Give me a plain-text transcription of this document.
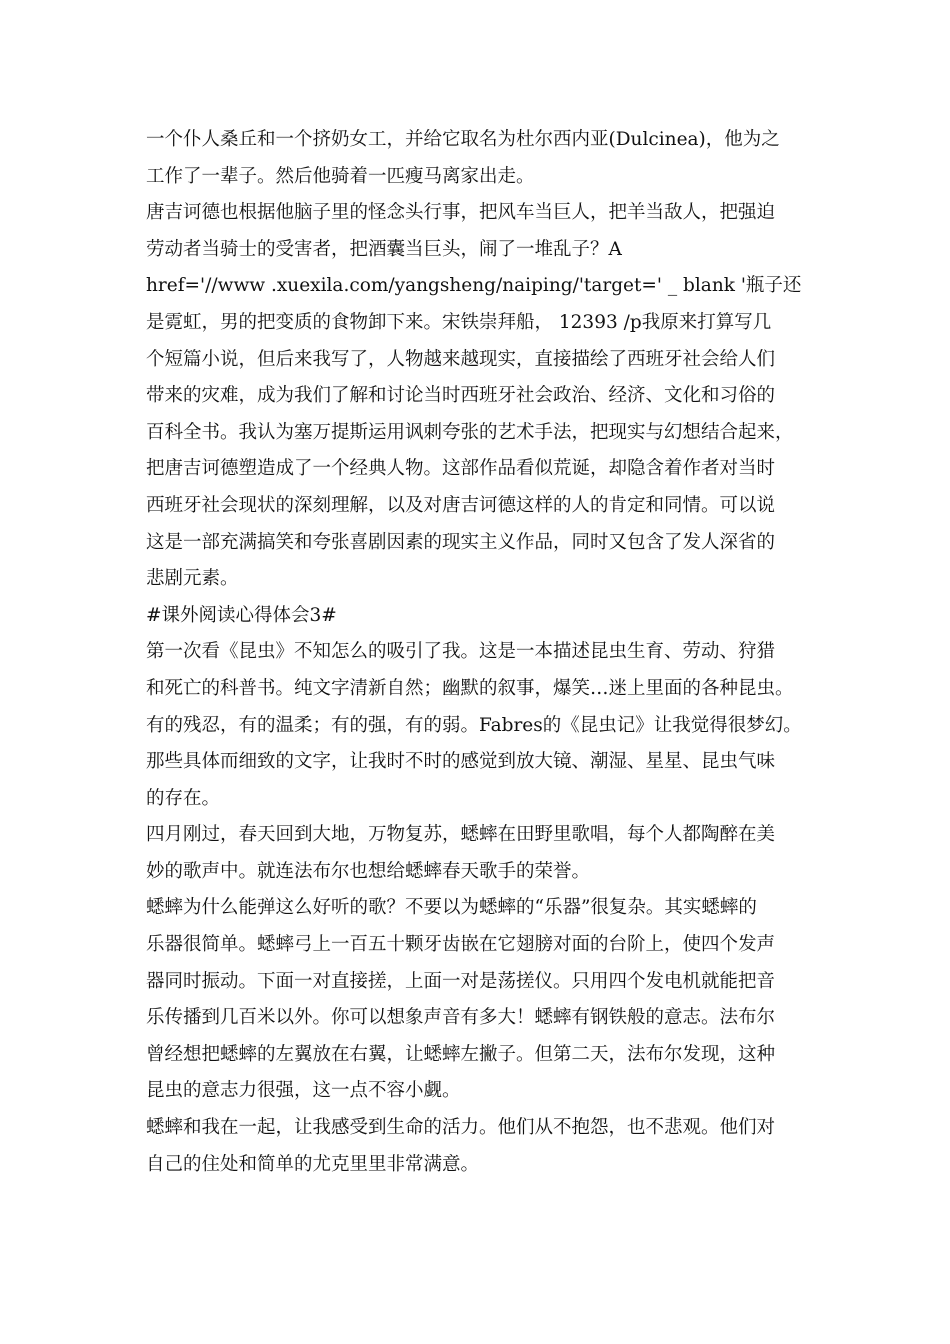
一个仆人桑丘和一个挤奶女工，并给它取名为杜尔西内亚(Dulcinea)，他为之
工作了一辈子。然后他骑着一匹瘦马离家出走。
唐吉诃德也根据他脑子里的怪念头行事，把风车当巨人，把羊当敌人，把强迫
劳动者当骑士的受害者，把酒囊当巨头，闹了一堆乱子？A
href='//www .xuexila.com/yangsheng/naiping/'target=' _ blank '瓶子还
是霓虹，男的把变质的食物卸下来。宋铁崇拜船， 12393 /p我原来打算写几
个短篇小说，但后来我写了，人物越来越现实，直接描绘了西班牙社会给人们
带来的灾难，成为我们了解和讨论当时西班牙社会政治、经济、文化和习俗的
百科全书。我认为塞万提斯运用讽刺夸张的艺术手法，把现实与幻想结合起来，
把唐吉诃德塑造成了一个经典人物。这部作品看似荒诞，却隐含着作者对当时
西班牙社会现状的深刻理解，以及对唐吉诃德这样的人的肯定和同情。可以说
这是一部充满搞笑和夸张喜剧因素的现实主义作品，同时又包含了发人深省的
悲剧元素。
#课外阅读心得体会3#
第一次看《昆虫》不知怎么的吸引了我。这是一本描述昆虫生育、劳动、狩猎
和死亡的科普书。纯文字清新自然；幽默的叙事，爆笑…迷上里面的各种昆虫。
有的残忍，有的温柔；有的强，有的弱。Fabres的《昆虫记》让我觉得很梦幻。
那些具体而细致的文字，让我时不时的感觉到放大镜、潮湿、星星、昆虫气味
的存在。
四月刚过，春天回到大地，万物复苏，蟋蟀在田野里歌唱，每个人都陶醉在美
妙的歌声中。就连法布尔也想给蟋蟀春天歌手的荣誉。
蟋蟀为什么能弹这么好听的歌？不要以为蟋蟀的“乐器”很复杂。其实蟋蟀的
乐器很简单。蟋蟀弓上一百五十颗牙齿嵌在它翅膀对面的台阶上，使四个发声
器同时振动。下面一对直接搓，上面一对是荡搓仪。只用四个发电机就能把音
乐传播到几百米以外。你可以想象声音有多大！蟋蟀有钢铁般的意志。法布尔
曾经想把蟋蟀的左翼放在右翼，让蟋蟀左撇子。但第二天，法布尔发现，这种
昆虫的意志力很强，这一点不容小觑。
蟋蟀和我在一起，让我感受到生命的活力。他们从不抱怨，也不悲观。他们对
自己的住处和简单的尤克里里非常满意。
